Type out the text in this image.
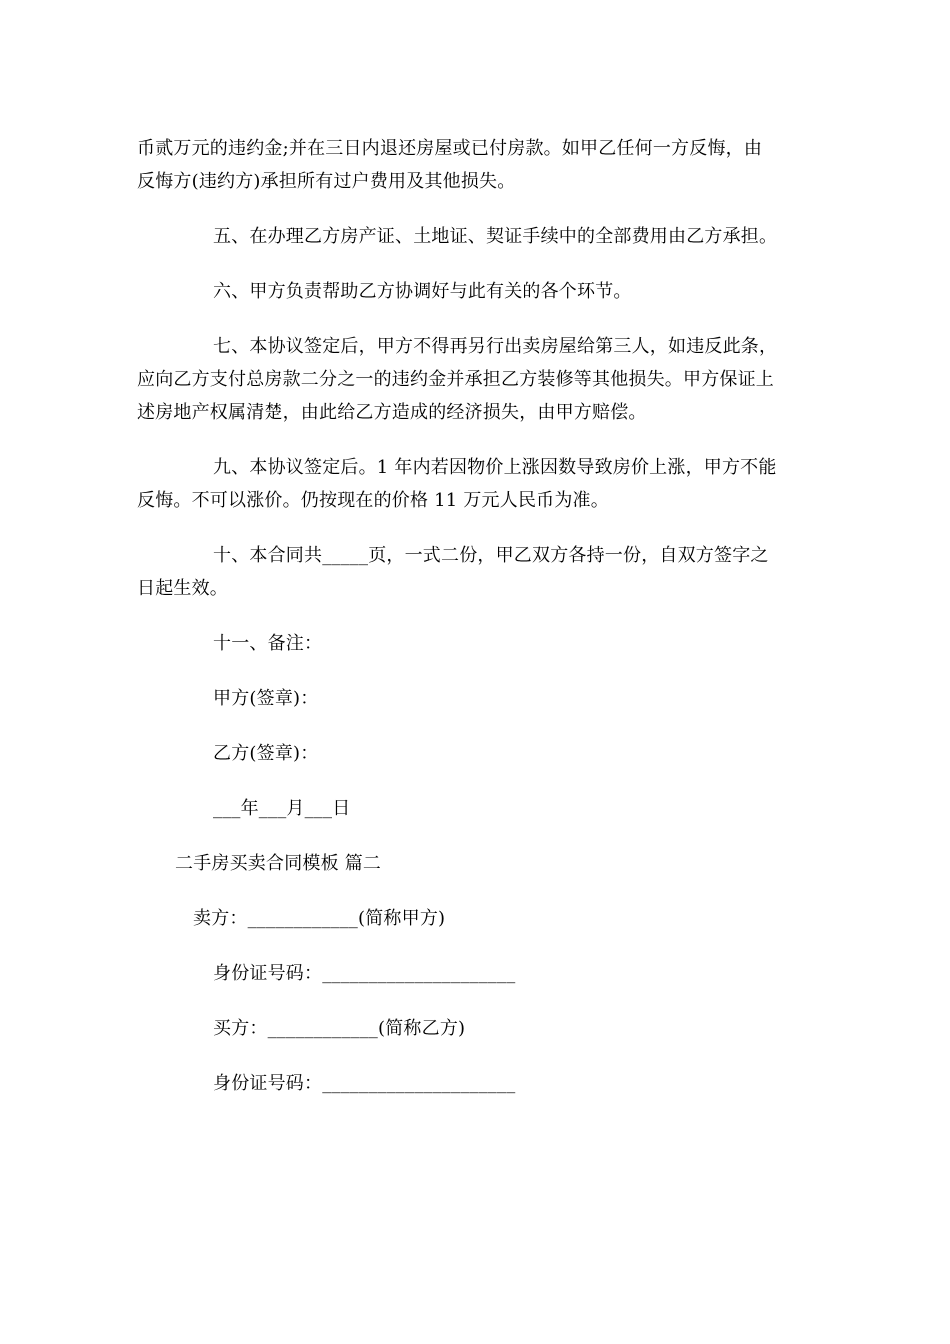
币贰万元的违约金;并在三日内退还房屋或已付房款。如甲乙任何一方反悔，由
反悔方(违约方)承担所有过户费用及其他损失。
五、在办理乙方房产证、土地证、契证手续中的全部费用由乙方承担。
六、甲方负责帮助乙方协调好与此有关的各个环节。
七、本协议签定后，甲方不得再另行出卖房屋给第三人，如违反此条，
应向乙方支付总房款二分之一的违约金并承担乙方装修等其他损失。甲方保证上
述房地产权属清楚，由此给乙方造成的经济损失，由甲方赔偿。
九、本协议签定后。1 年内若因物价上涨因数导致房价上涨，甲方不能
反悔。不可以涨价。仍按现在的价格 11 万元人民币为准。
十、本合同共_____页，一式二份，甲乙双方各持一份，自双方签字之
日起生效。
十一、备注：
甲方(签章)：
乙方(签章)：
___年___月___日
二手房买卖合同模板 篇二
卖方：____________(简称甲方)
身份证号码：_____________________
买方：____________(简称乙方)
身份证号码：_____________________
